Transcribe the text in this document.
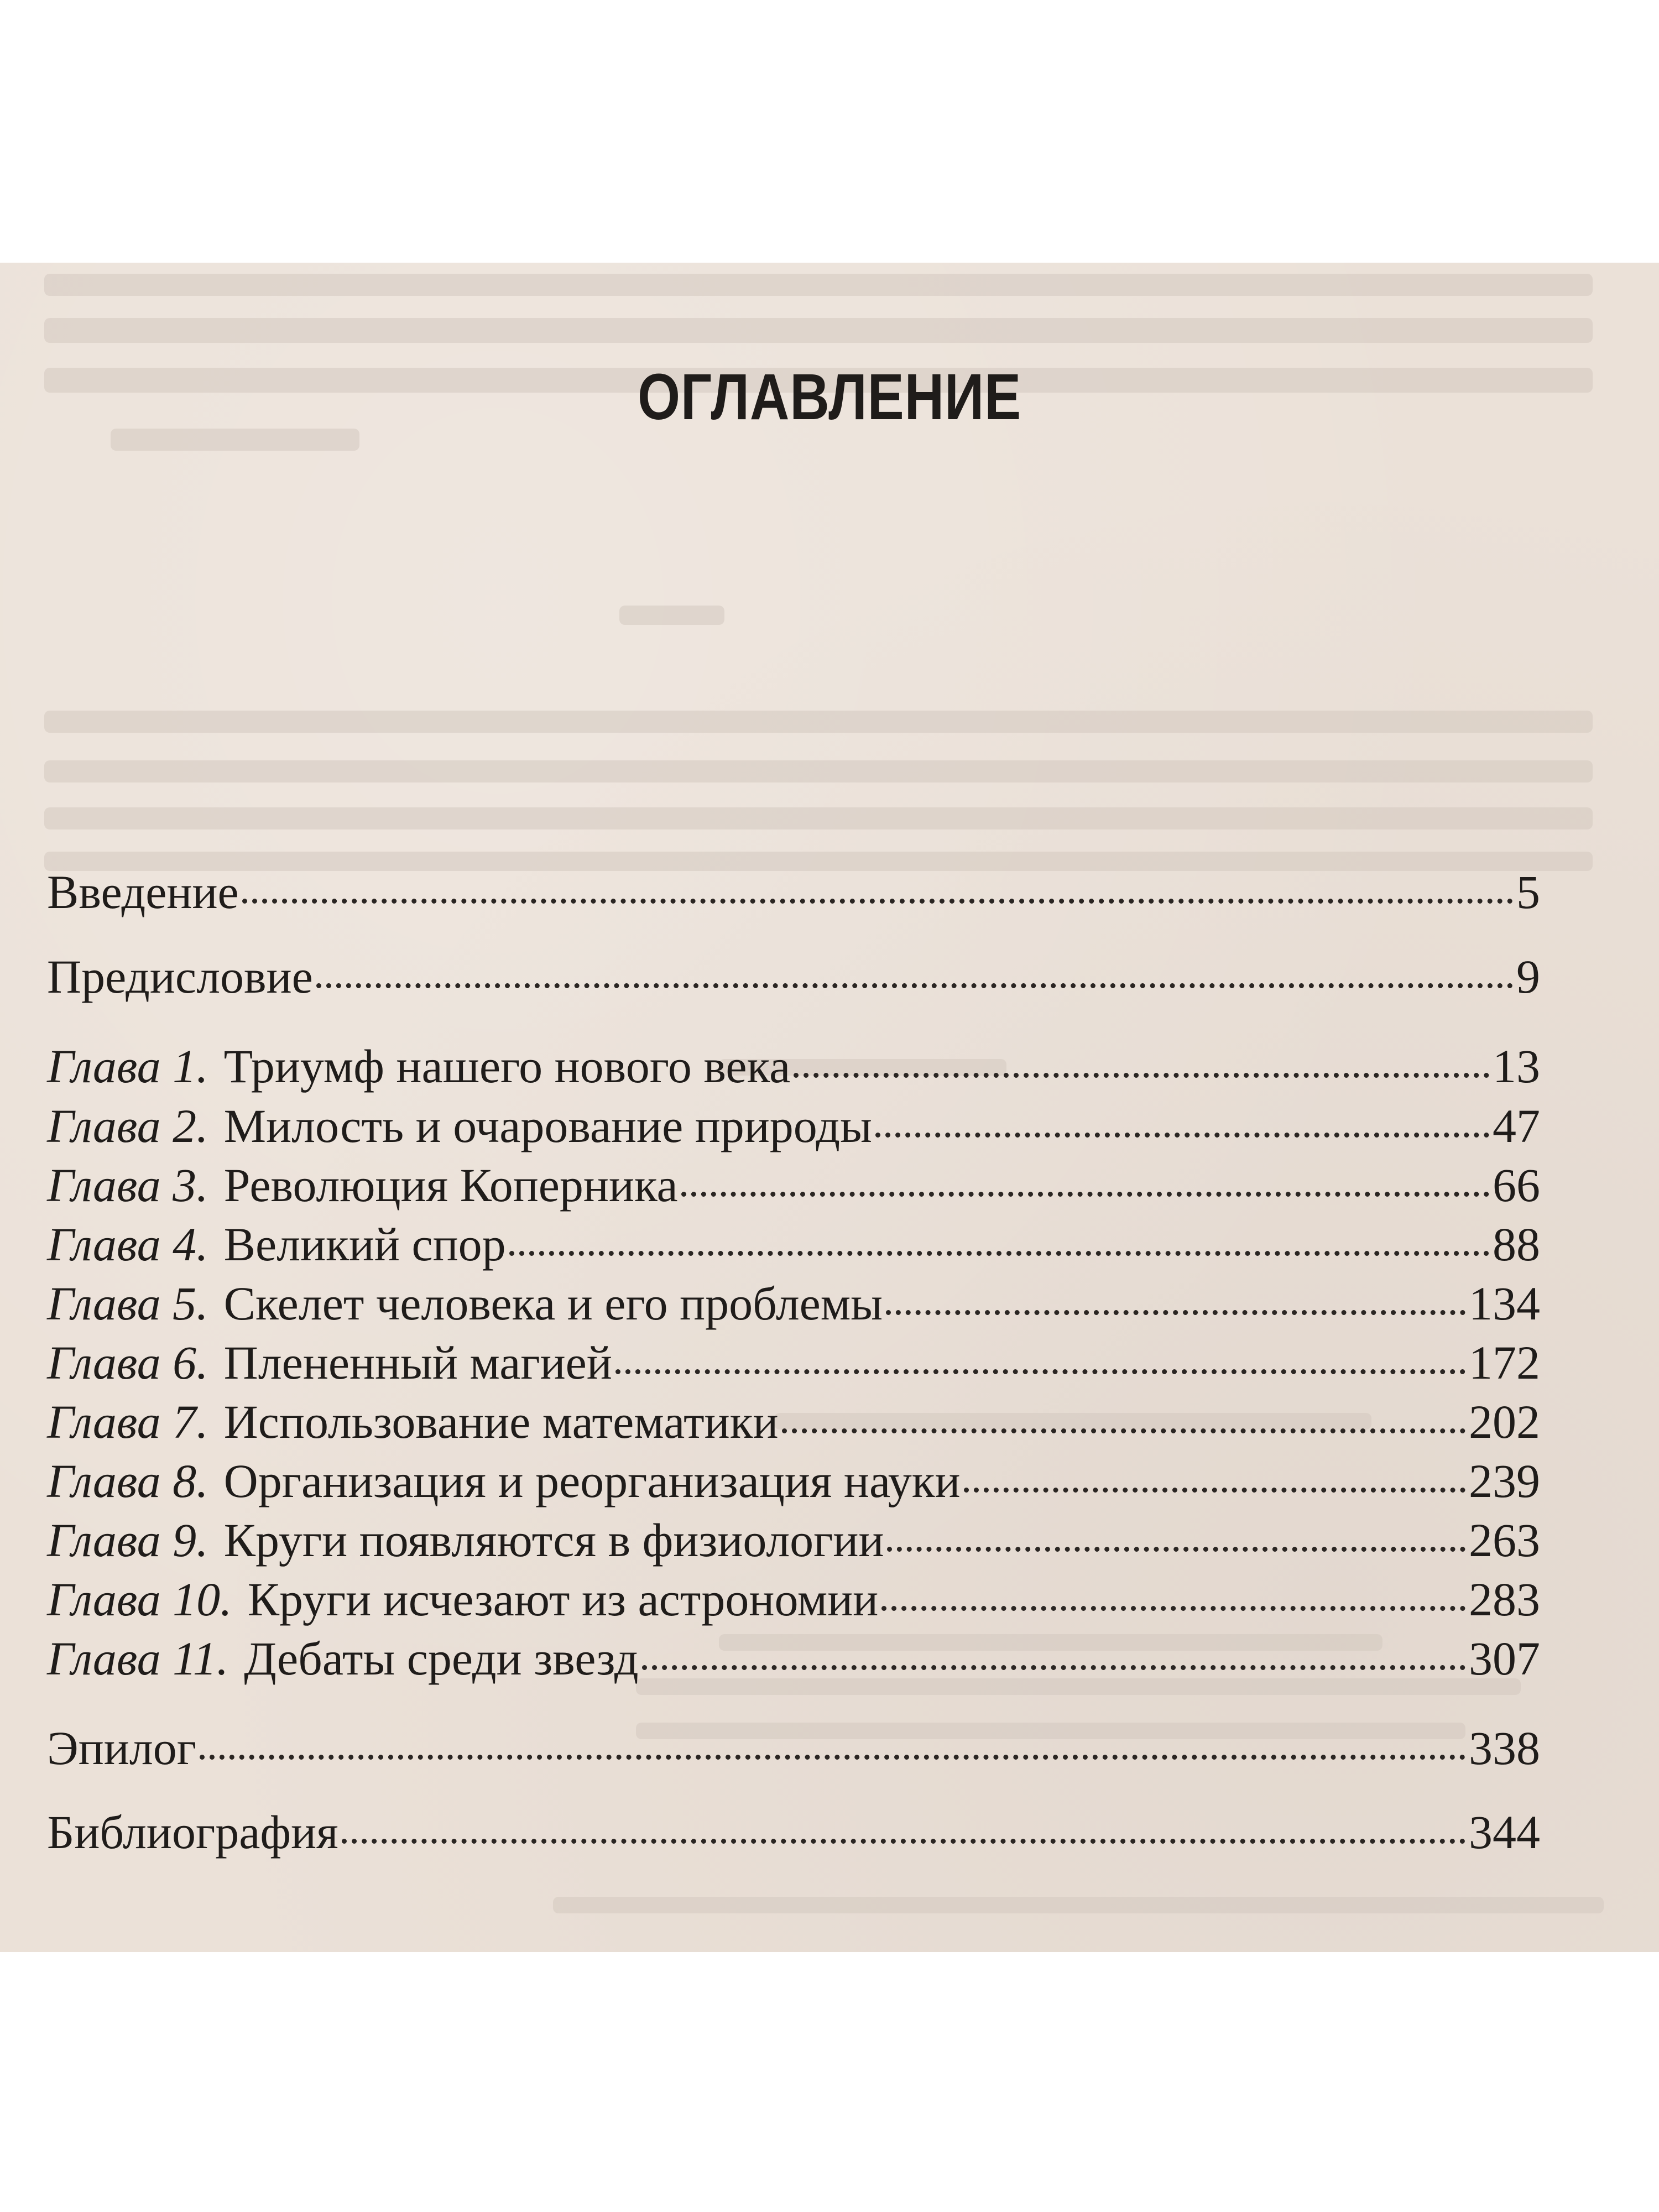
ОГЛАВЛЕНИЕ
Введение	5
Предисловие	9
Глава 1. Триумф нашего нового века	13
Глава 2. Милость и очарование природы	47
Глава 3. Революция Коперника	66
Глава 4. Великий спор	88
Глава 5. Скелет человека и его проблемы	134
Глава 6. Плененный магией	172
Глава 7. Использование математики	202
Глава 8. Организация и реорганизация науки	239
Глава 9. Круги появляются в физиологии	263
Глава 10. Круги исчезают из астрономии	283
Глава 11. Дебаты среди звезд	307
Эпилог	338
Библиография	344
